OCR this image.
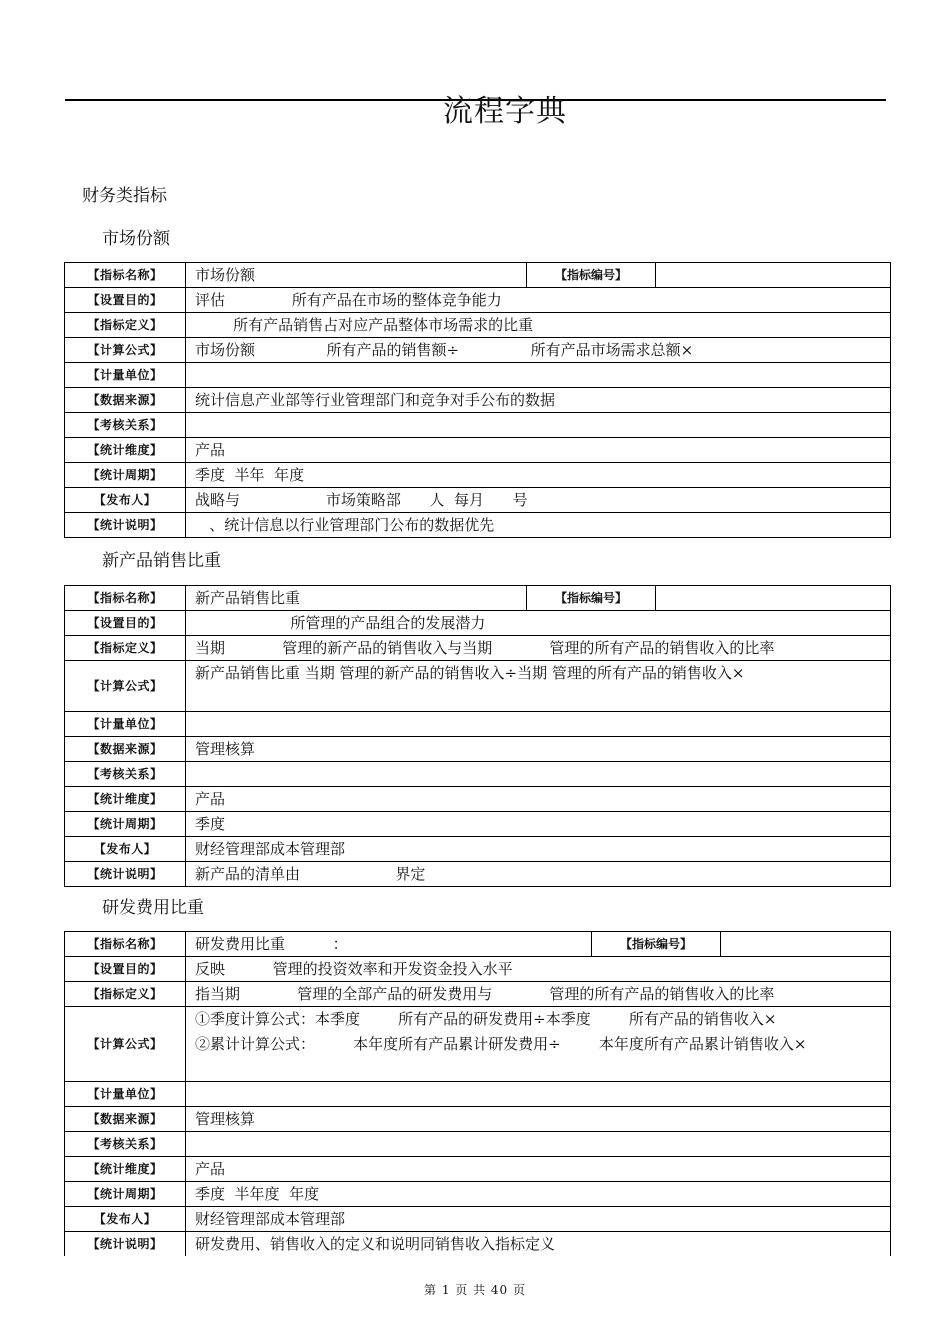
流程字典
财务类指标
市场份额
【指标名称】	市场份额	【指标编号】	
【设置目的】	评估              所有产品在市场的整体竞争能力		
【指标定义】	所有产品销售占对应产品整体市场需求的比重		
【计算公式】	市场份额               所有产品的销售额÷               所有产品市场需求总额×		
【计量单位】			
【数据来源】	统计信息产业部等行业管理部门和竞争对手公布的数据		
【考核关系】			
【统计维度】	产品		
【统计周期】	季度  半年  年度		
【发布人】	战略与                  市场策略部      人  每月      号		
【统计说明】	、统计信息以行业管理部门公布的数据优先		
新产品销售比重
【指标名称】	新产品销售比重	【指标编号】	
【设置目的】	所管理的产品组合的发展潜力		
【指标定义】	当期            管理的新产品的销售收入与当期            管理的所有产品的销售收入的比率		
【计算公式】	新产品销售比重 当期 管理的新产品的销售收入÷当期 管理的所有产品的销售收入×		
【计量单位】			
【数据来源】	管理核算		
【考核关系】			
【统计维度】	产品		
【统计周期】	季度		
【发布人】	财经管理部成本管理部		
【统计说明】	新产品的清单由                    界定		
研发费用比重
【指标名称】	研发费用比重          ：	【指标编号】	
【设置目的】	反映          管理的投资效率和开发资金投入水平		
【指标定义】	指当期            管理的全部产品的研发费用与            管理的所有产品的销售收入的比率		
【计算公式】	①季度计算公式：本季度        所有产品的研发费用÷本季度        所有产品的销售收入×
②累计计算公式：        本年度所有产品累计研发费用÷        本年度所有产品累计销售收入×		

【计量单位】			
【数据来源】	管理核算		
【考核关系】			
【统计维度】	产品		
【统计周期】	季度  半年度  年度		
【发布人】	财经管理部成本管理部		
【统计说明】	研发费用、销售收入的定义和说明同销售收入指标定义		
第 1 页 共 40 页
